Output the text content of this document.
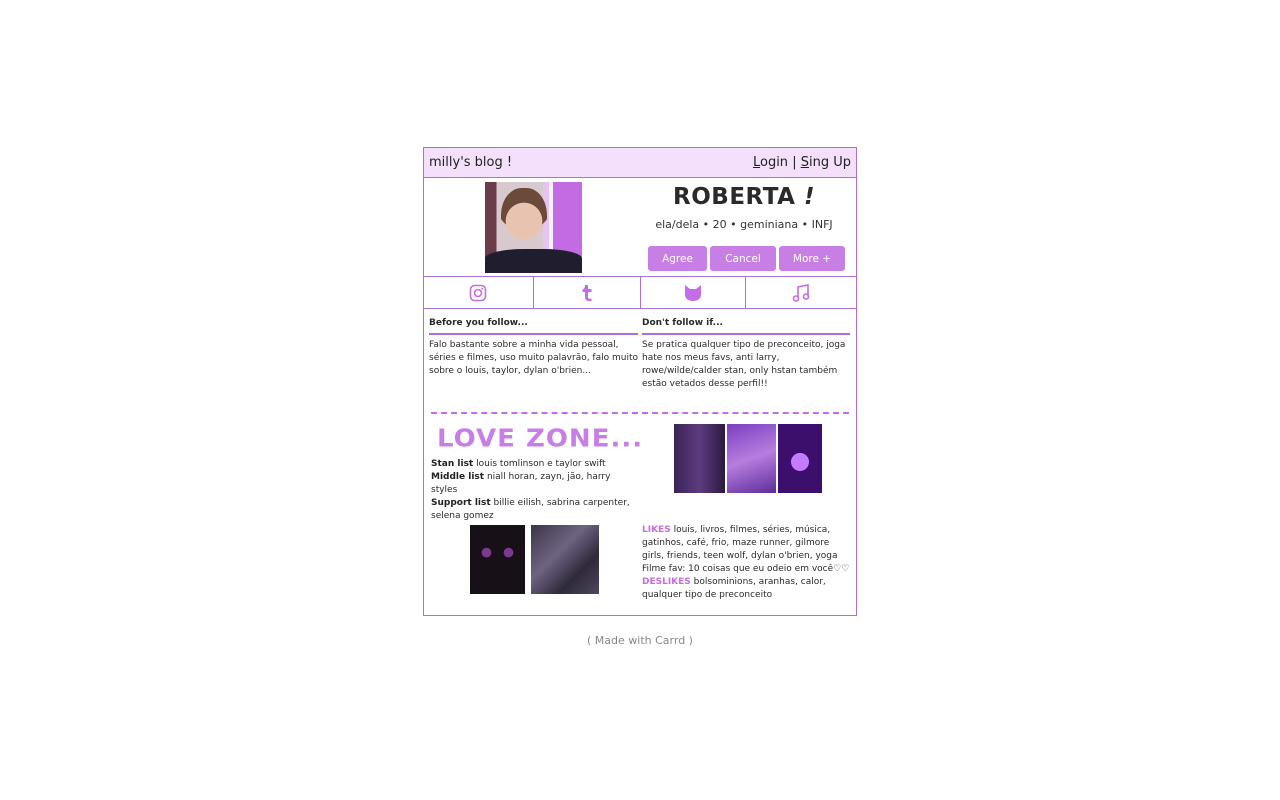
milly's blog !	Login | Sing Up
ROBERTA !
ela/dela • 20 • geminiana • INFJ
Agree	Cancel	More +
Before you follow...
Falo bastante sobre a minha vida pessoal, séries e filmes, uso muito palavrão, falo muito sobre o louis, taylor, dylan o'brien...
Don't follow if...
Se pratica qualquer tipo de preconceito, joga hate nos meus favs, anti larry, rowe/wilde/calder stan, only hstan também estão vetados desse perfil!!
LOVE ZONE...
Stan list louis tomlinson e taylor swift
Middle list niall horan, zayn, jão, harry styles
Support list billie eilish, sabrina carpenter, selena gomez
LIKES louis, livros, filmes, séries, música, gatinhos, café, frio, maze runner, gilmore girls, friends, teen wolf, dylan o'brien, yoga
Filme fav: 10 coisas que eu odeio em você♡♡
DESLIKES bolsominions, aranhas, calor, qualquer tipo de preconceito
( Made with Carrd )
